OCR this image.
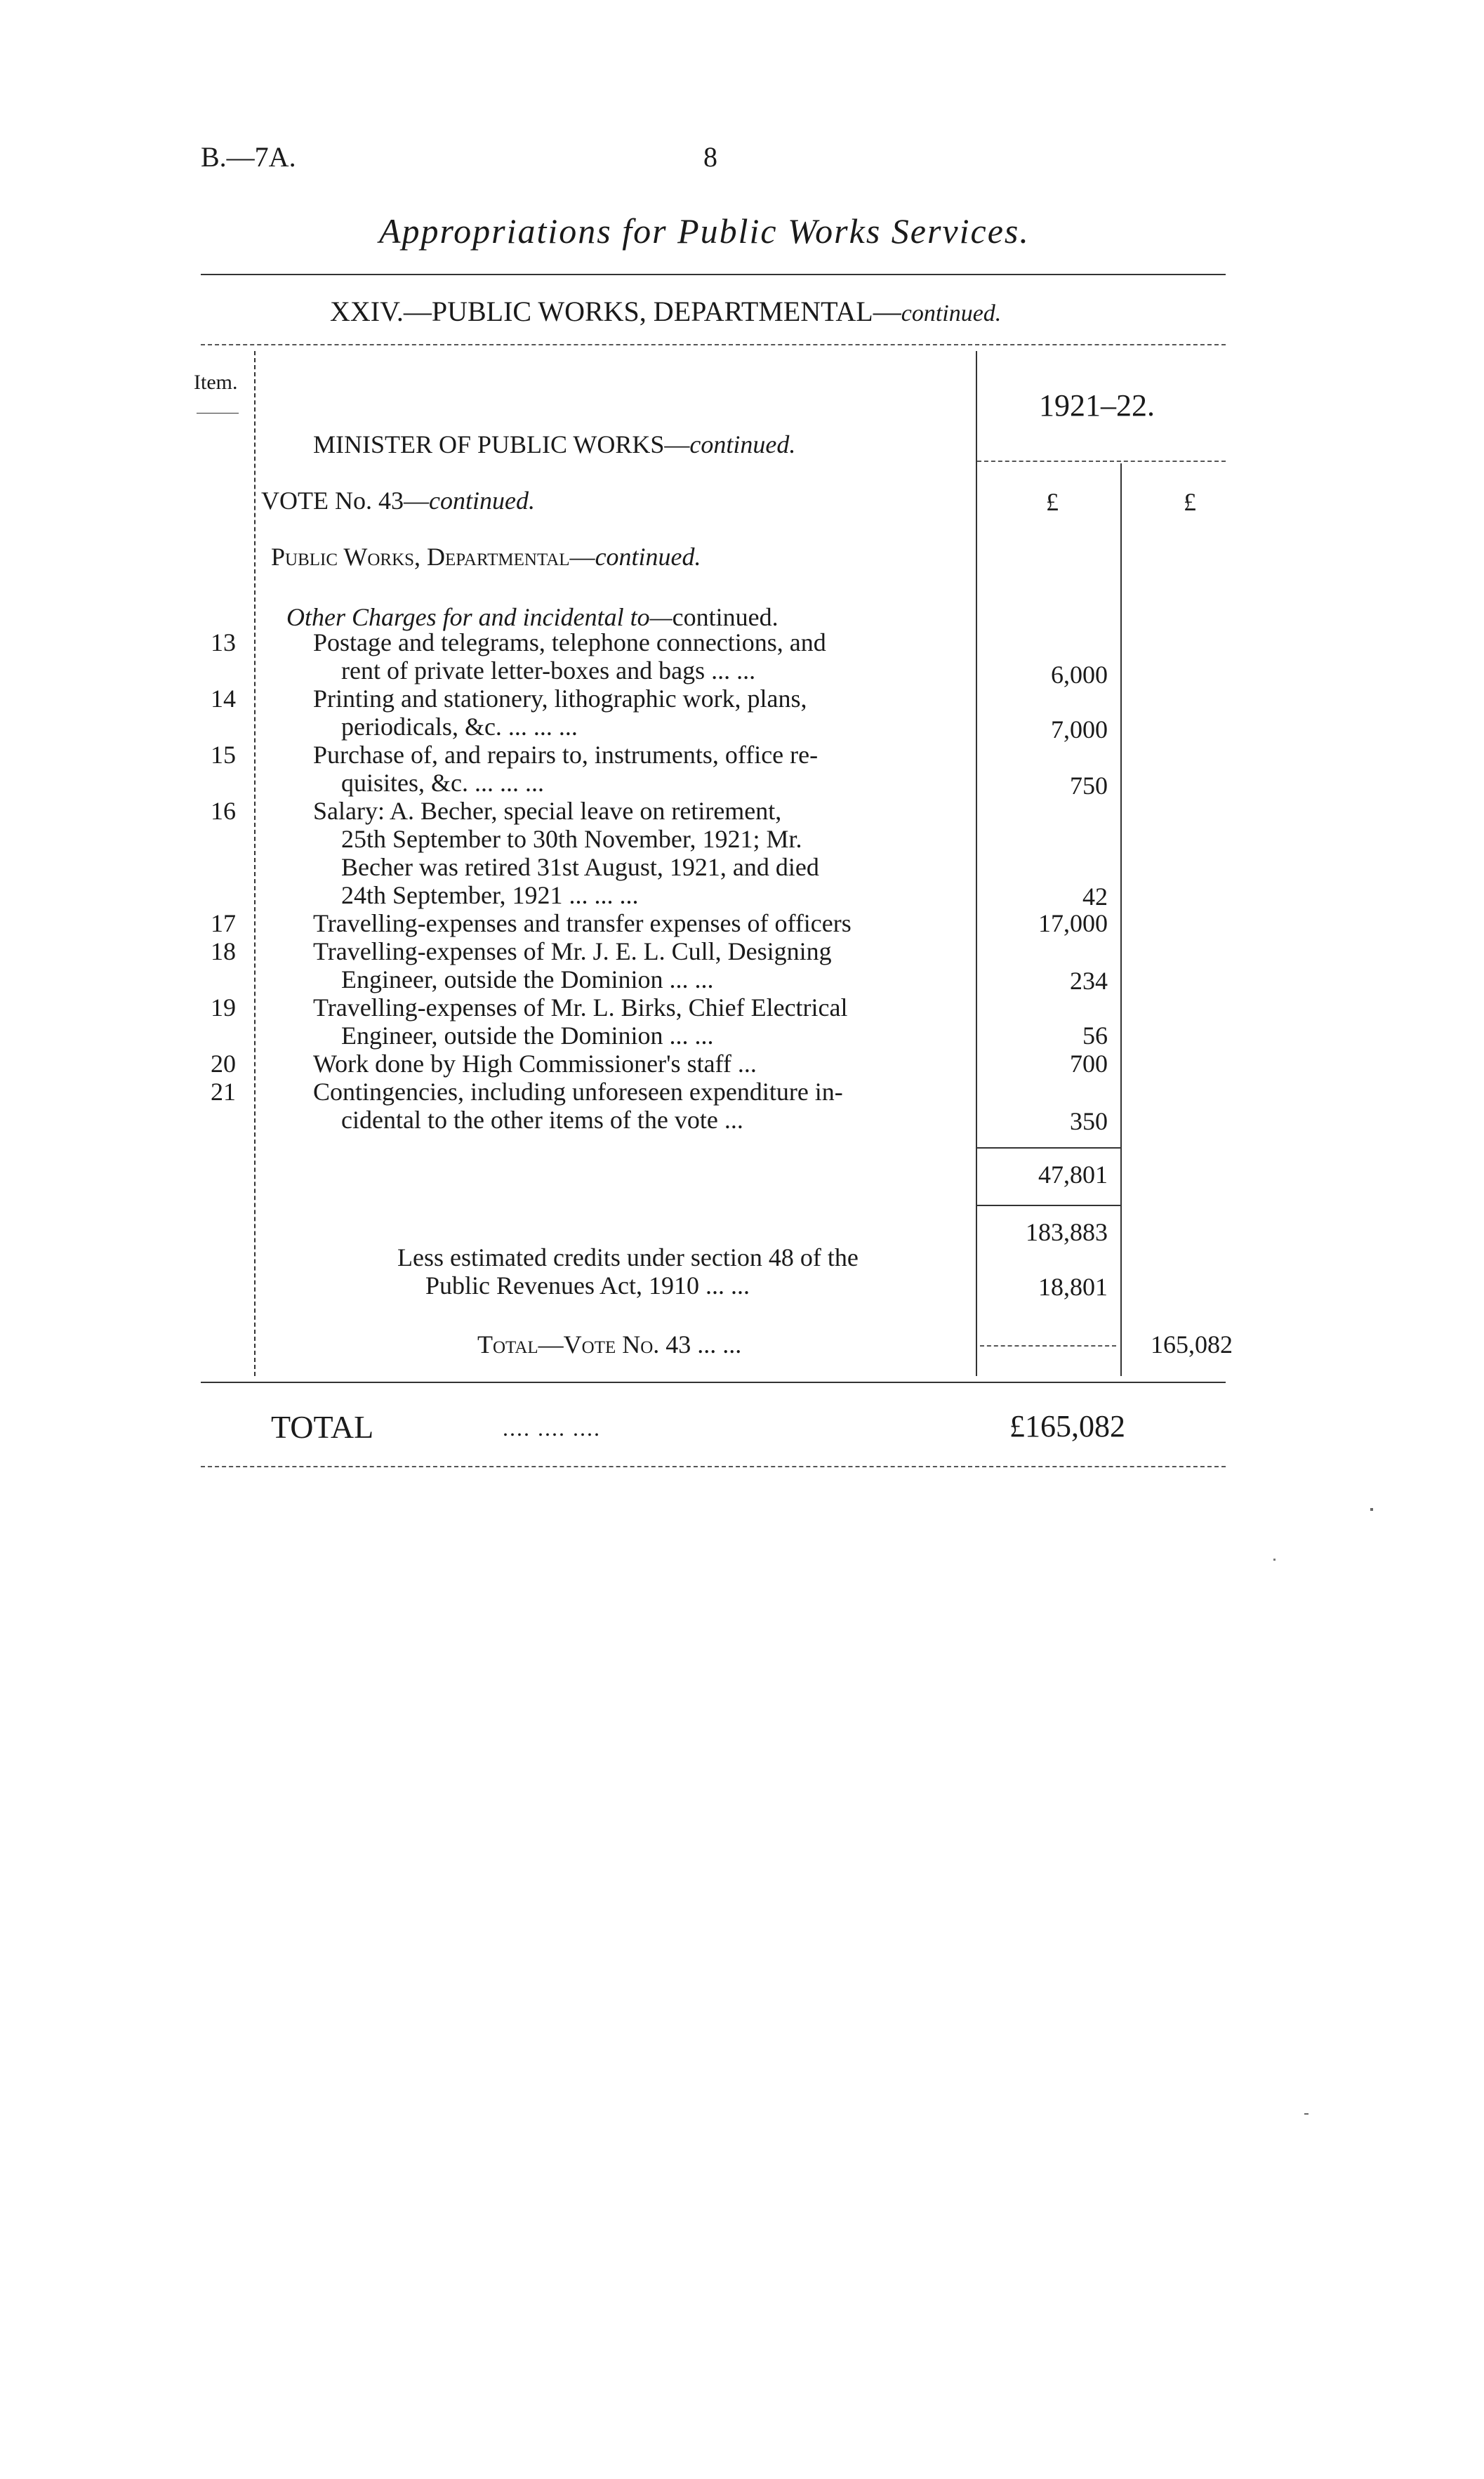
B.—7A.	8
Appropriations for Public Works Services.
XXIV.—PUBLIC WORKS, DEPARTMENTAL—continued.
Item.
1921–22.
MINISTER OF PUBLIC WORKS—continued.
VOTE No. 43—continued.	£	£
Public Works, Departmental—continued.
Other Charges for and incidental to—continued.
13	Postage and telegrams, telephone connections, and
rent of private letter-boxes and bags ... ...	6,000
14	Printing and stationery, lithographic work, plans,
periodicals, &c. ... ... ...	7,000
15	Purchase of, and repairs to, instruments, office re-
quisites, &c. ... ... ...	750
16	Salary: A. Becher, special leave on retirement,
25th September to 30th November, 1921; Mr.
Becher was retired 31st August, 1921, and died
24th September, 1921 ... ... ...	42
17	Travelling-expenses and transfer expenses of officers	17,000
18	Travelling-expenses of Mr. J. E. L. Cull, Designing
Engineer, outside the Dominion ... ...	234
19	Travelling-expenses of Mr. L. Birks, Chief Electrical
Engineer, outside the Dominion ... ...	56
20	Work done by High Commissioner's staff ...	700
21	Contingencies, including unforeseen expenditure in-
cidental to the other items of the vote ...	350
47,801
183,883
Less estimated credits under section 48 of the
Public Revenues Act, 1910 ... ...	18,801
Total—Vote No. 43 ... ...	165,082
TOTAL	.... .... ....	£165,082
